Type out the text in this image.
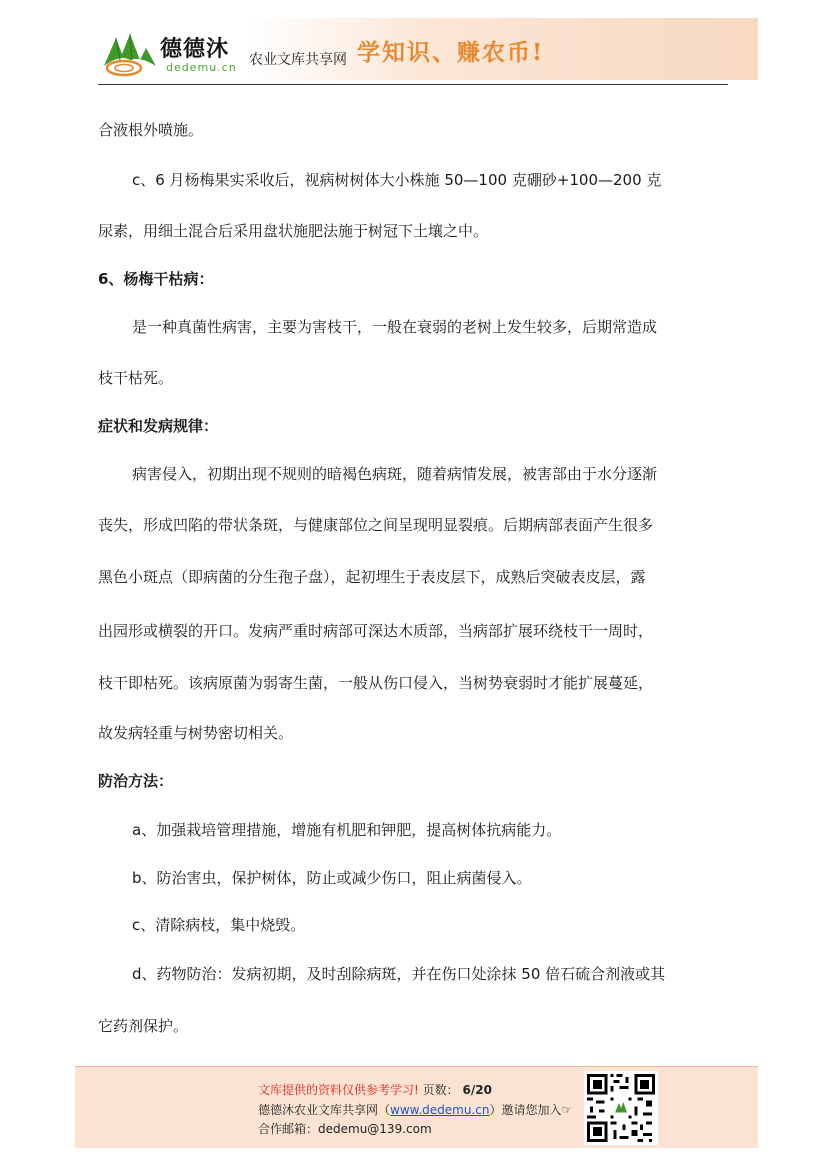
德德沐
dedemu.cn 农业文库共享网 学知识、赚农币!

合液根外喷施。

c、6 月杨梅果实采收后，视病树树体大小株施 50—100 克硼砂+100—200 克

尿素，用细土混合后采用盘状施肥法施于树冠下土壤之中。

6、杨梅干枯病：

是一种真菌性病害，主要为害枝干，一般在衰弱的老树上发生较多，后期常造成

枝干枯死。

症状和发病规律：

病害侵入，初期出现不规则的暗褐色病斑，随着病情发展，被害部由于水分逐渐

丧失，形成凹陷的带状条斑，与健康部位之间呈现明显裂痕。后期病部表面产生很多

黑色小斑点（即病菌的分生孢子盘），起初埋生于表皮层下，成熟后突破表皮层，露

出园形或横裂的开口。发病严重时病部可深达木质部，当病部扩展环绕枝干一周时，

枝干即枯死。该病原菌为弱寄生菌，一般从伤口侵入，当树势衰弱时才能扩展蔓延，

故发病轻重与树势密切相关。

防治方法：

a、加强栽培管理措施，增施有机肥和钾肥，提高树体抗病能力。

b、防治害虫，保护树体，防止或减少伤口，阻止病菌侵入。

c、清除病枝，集中烧毁。

d、药物防治：发病初期，及时刮除病斑，并在伤口处涂抹 50 倍石硫合剂液或其

它药剂保护。

文库提供的资料仅供参考学习! 页数： 6/20
德德沐农业文库共享网（www.dedemu.cn）邀请您加入☞
合作邮箱：dedemu@139.com
